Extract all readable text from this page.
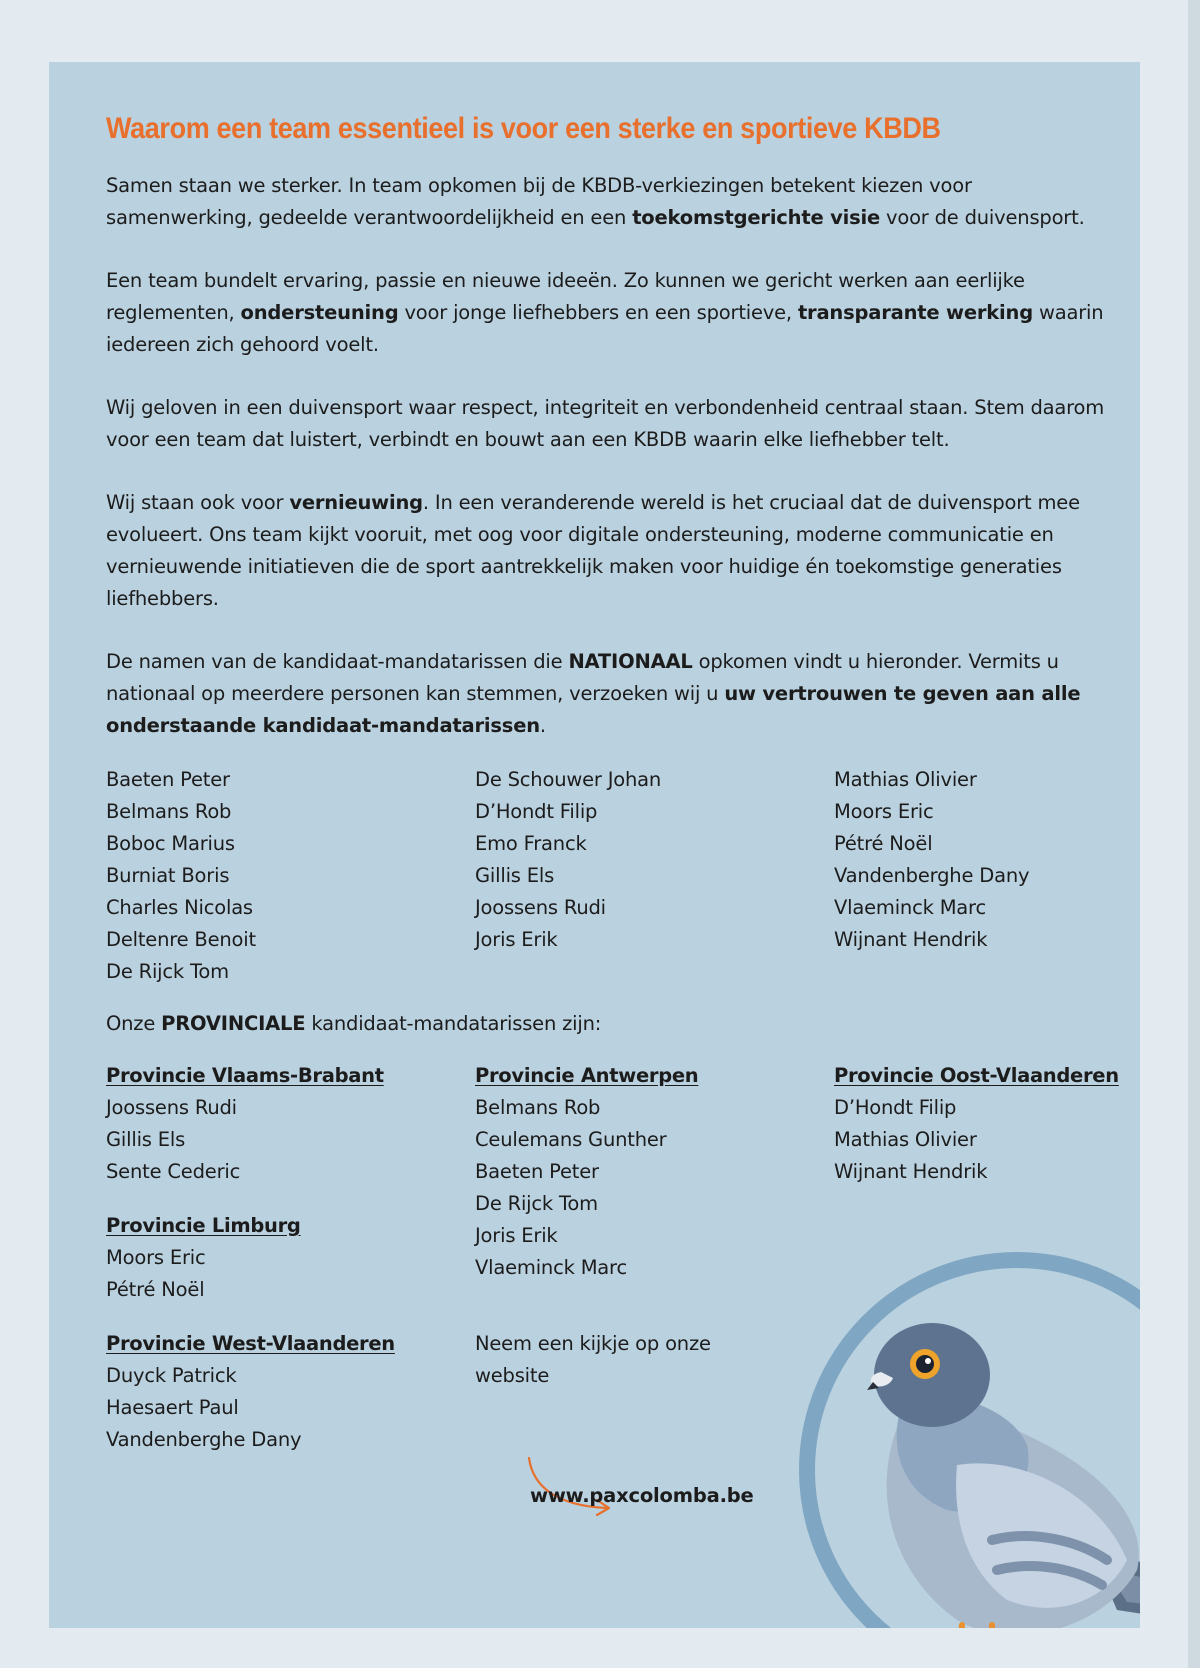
Waarom een team essentieel is voor een sterke en sportieve KBDB

Samen staan we sterker. In team opkomen bij de KBDB-verkiezingen betekent kiezen voor samenwerking, gedeelde verantwoordelijkheid en een toekomstgerichte visie voor de duivensport.

Een team bundelt ervaring, passie en nieuwe ideeën. Zo kunnen we gericht werken aan eerlijke reglementen, ondersteuning voor jonge liefhebbers en een sportieve, transparante werking waarin iedereen zich gehoord voelt.

Wij geloven in een duivensport waar respect, integriteit en verbondenheid centraal staan. Stem daarom voor een team dat luistert, verbindt en bouwt aan een KBDB waarin elke liefhebber telt.

Wij staan ook voor vernieuwing. In een veranderende wereld is het cruciaal dat de duivensport mee evolueert. Ons team kijkt vooruit, met oog voor digitale ondersteuning, moderne communicatie en vernieuwende initiatieven die de sport aantrekkelijk maken voor huidige én toekomstige generaties liefhebbers.

De namen van de kandidaat-mandatarissen die NATIONAAL opkomen vindt u hieronder. Vermits u nationaal op meerdere personen kan stemmen, verzoeken wij u uw vertrouwen te geven aan alle onderstaande kandidaat-mandatarissen.

Baeten Peter
Belmans Rob
Boboc Marius
Burniat Boris
Charles Nicolas
Deltenre Benoit
De Rijck Tom
De Schouwer Johan
D’Hondt Filip
Emo Franck
Gillis Els
Joossens Rudi
Joris Erik
Mathias Olivier
Moors Eric
Pétré Noël
Vandenberghe Dany
Vlaeminck Marc
Wijnant Hendrik

Onze PROVINCIALE kandidaat-mandatarissen zijn:

Provincie Vlaams-Brabant
Joossens Rudi
Gillis Els
Sente Cederic
Provincie Limburg
Moors Eric
Pétré Noël
Provincie West-Vlaanderen
Duyck Patrick
Haesaert Paul
Vandenberghe Dany
Provincie Antwerpen
Belmans Rob
Ceulemans Gunther
Baeten Peter
De Rijck Tom
Joris Erik
Vlaeminck Marc
Neem een kijkje op onze website
Provincie Oost-Vlaanderen
D’Hondt Filip
Mathias Olivier
Wijnant Hendrik
www.paxcolomba.be
